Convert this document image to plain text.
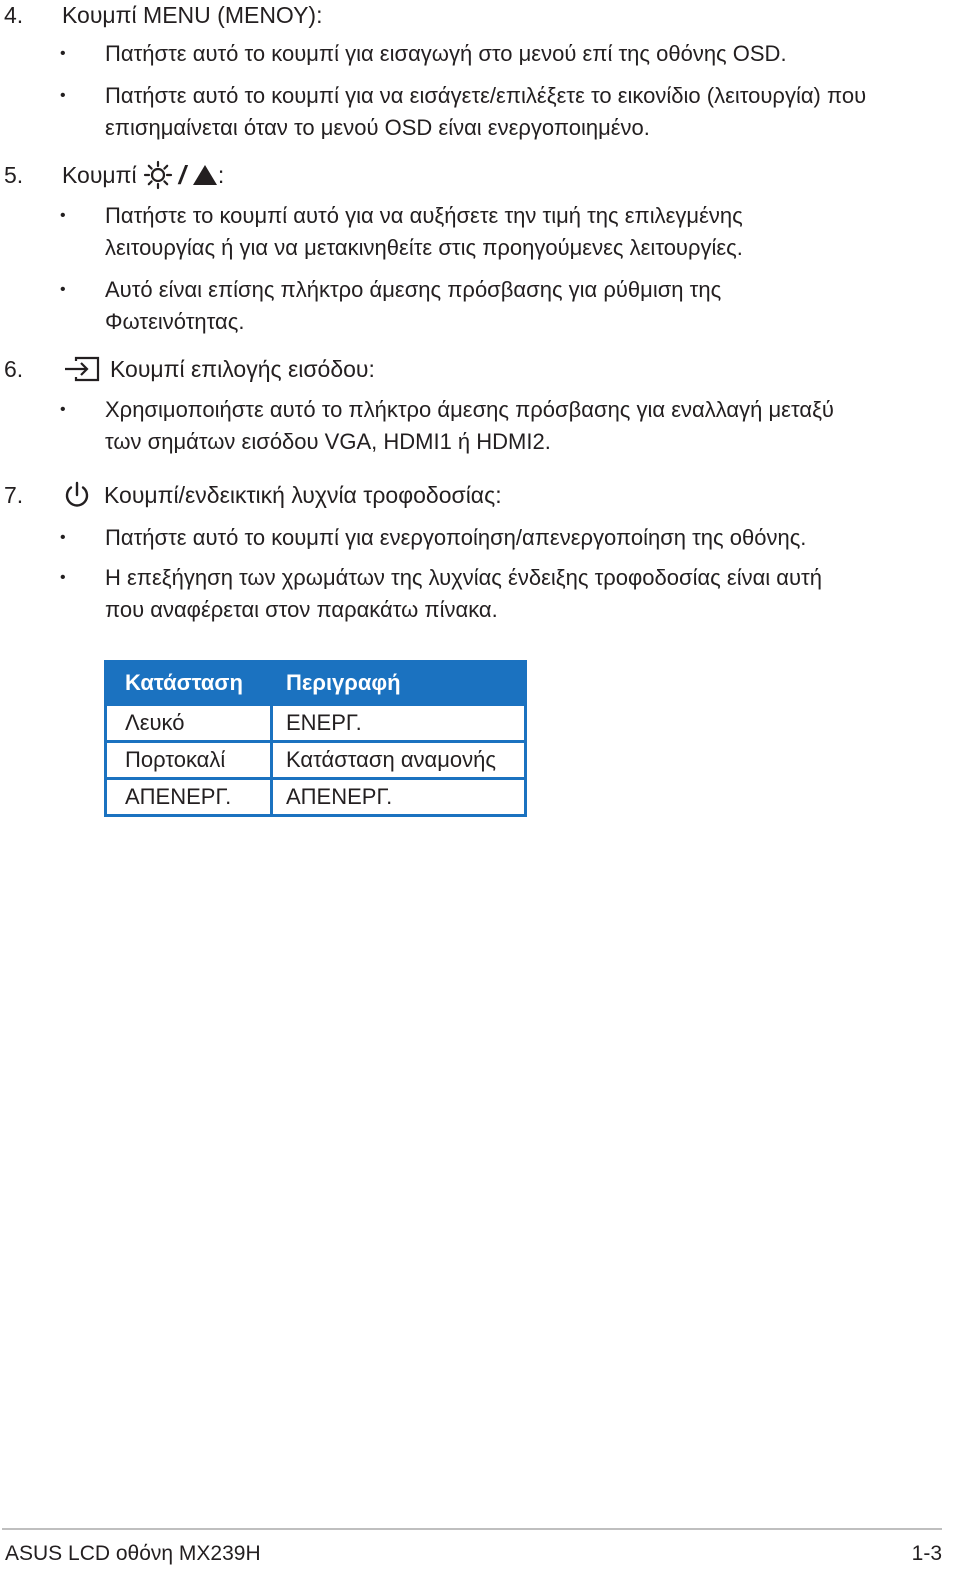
4.	Κουμπί MENU (ΜΕΝΟΥ):
•	Πατήστε αυτό το κουμπί για εισαγωγή στο μενού επί της οθόνης OSD.
•	Πατήστε αυτό το κουμπί για να εισάγετε/επιλέξετε το εικονίδιο (λειτουργία) που επισημαίνεται όταν το μενού OSD είναι ενεργοποιημένο.
5.	Κουμπί / :
•	Πατήστε το κουμπί αυτό για να αυξήσετε την τιμή της επιλεγμένης λειτουργίας ή για να μετακινηθείτε στις προηγούμενες λειτουργίες.
•	Αυτό είναι επίσης πλήκτρο άμεσης πρόσβασης για ρύθμιση της Φωτεινότητας.
6.	Κουμπί επιλογής εισόδου:
•	Χρησιμοποιήστε αυτό το πλήκτρο άμεσης πρόσβασης για εναλλαγή μεταξύ των σημάτων εισόδου VGA, HDMI1 ή HDMI2.
7.	Κουμπί/ενδεικτική λυχνία τροφοδοσίας:
•	Πατήστε αυτό το κουμπί για ενεργοποίηση/απενεργοποίηση της οθόνης.
•	Η επεξήγηση των χρωμάτων της λυχνίας ένδειξης τροφοδοσίας είναι αυτή που αναφέρεται στον παρακάτω πίνακα.
Κατάσταση	Περιγραφή
Λευκό	ΕΝΕΡΓ.
Πορτοκαλί	Κατάσταση αναμονής
ΑΠΕΝΕΡΓ.	ΑΠΕΝΕΡΓ.
ASUS LCD οθόνη MX239H	1-3
